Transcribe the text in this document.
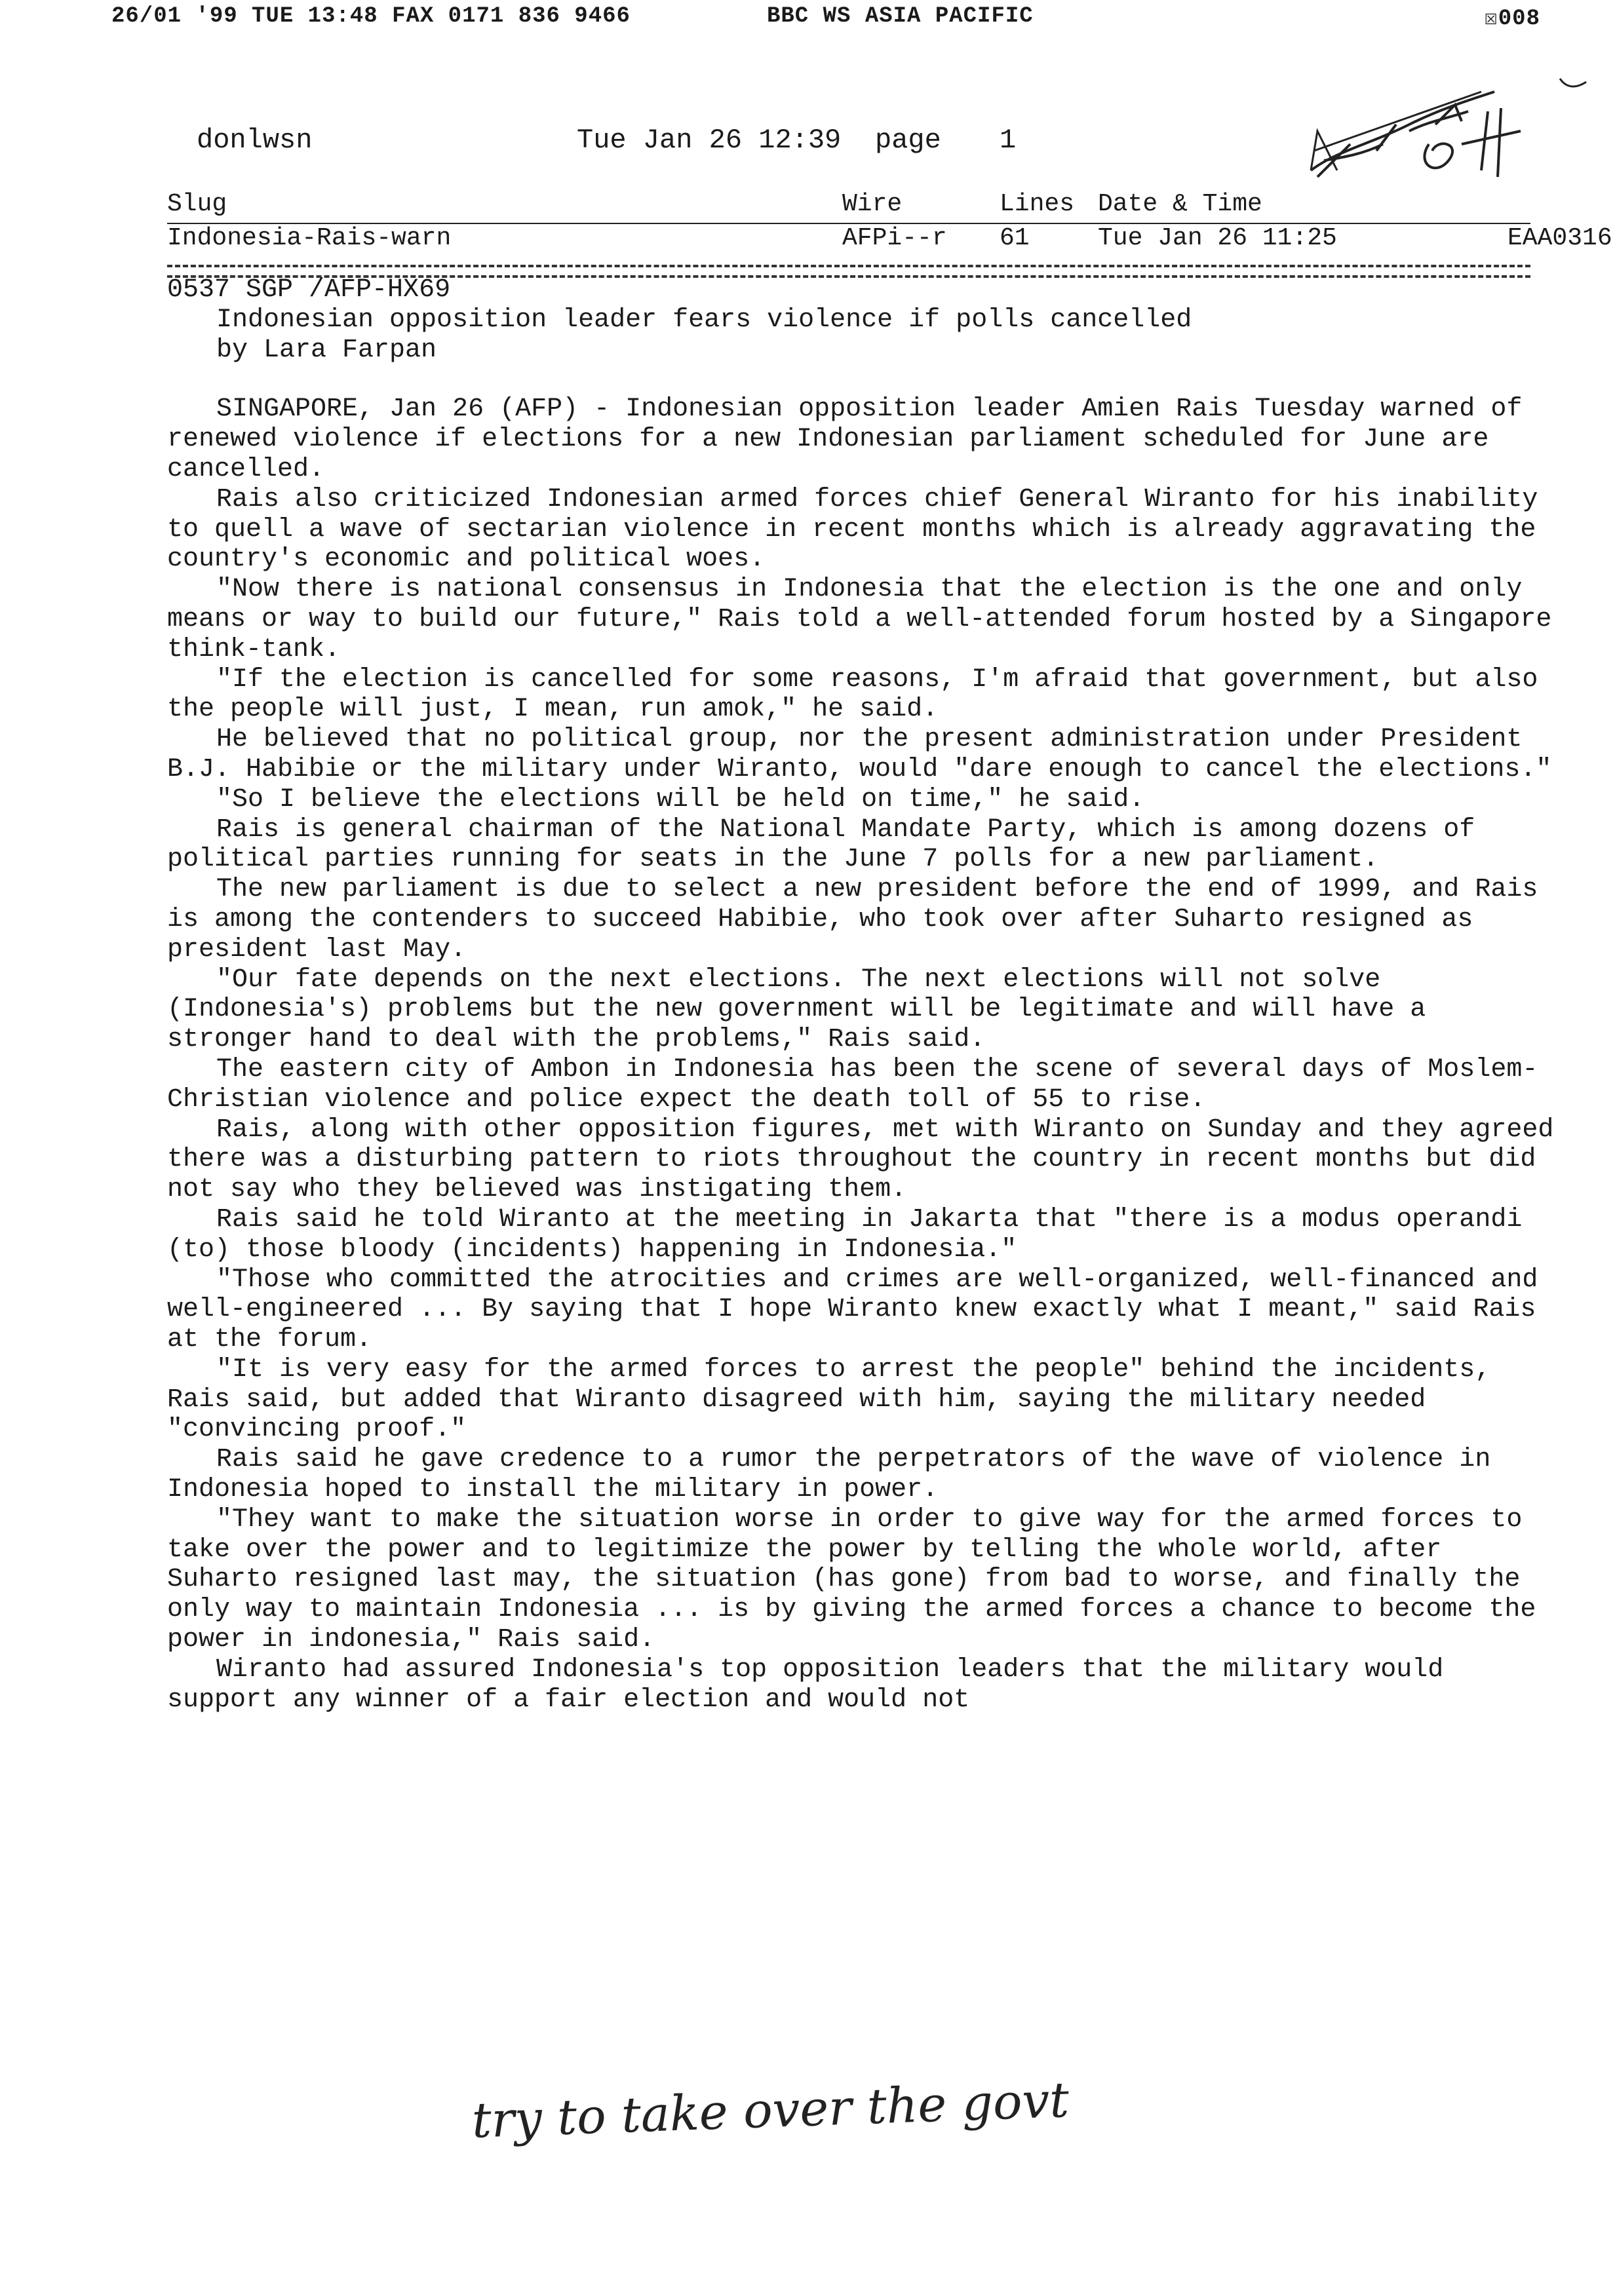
26/01 '99 TUE 13:48 FAX 0171 836 9466	BBC WS ASIA PACIFIC	☒008
donlwsn	Tue Jan 26 12:39 page 1
Slug	Wire	Lines Date & Time
Indonesia-Rais-warn	AFPi--r 61	Tue Jan 26 11:25	EAA0316
0537 SGP /AFP-HX69
Indonesian opposition leader fears violence if polls cancelled
by Lara Farpan

SINGAPORE, Jan 26 (AFP) - Indonesian opposition leader Amien Rais Tuesday warned of renewed violence if elections for a new Indonesian parliament scheduled for June are cancelled.

Rais also criticized Indonesian armed forces chief General Wiranto for his inability to quell a wave of sectarian violence in recent months which is already aggravating the country's economic and political woes.

"Now there is national consensus in Indonesia that the election is the one and only means or way to build our future," Rais told a well-attended forum hosted by a Singapore think-tank.

"If the election is cancelled for some reasons, I'm afraid that government, but also the people will just, I mean, run amok," he said.

He believed that no political group, nor the present administration under President B.J. Habibie or the military under Wiranto, would "dare enough to cancel the elections."

"So I believe the elections will be held on time," he said.

Rais is general chairman of the National Mandate Party, which is among dozens of political parties running for seats in the June 7 polls for a new parliament.

The new parliament is due to select a new president before the end of 1999, and Rais is among the contenders to succeed Habibie, who took over after Suharto resigned as president last May.

"Our fate depends on the next elections. The next elections will not solve (Indonesia's) problems but the new government will be legitimate and will have a stronger hand to deal with the problems," Rais said.

The eastern city of Ambon in Indonesia has been the scene of several days of Moslem-Christian violence and police expect the death toll of 55 to rise.

Rais, along with other opposition figures, met with Wiranto on Sunday and they agreed there was a disturbing pattern to riots throughout the country in recent months but did not say who they believed was instigating them.

Rais said he told Wiranto at the meeting in Jakarta that "there is a modus operandi (to) those bloody (incidents) happening in Indonesia."

"Those who committed the atrocities and crimes are well-organized, well-financed and well-engineered ... By saying that I hope Wiranto knew exactly what I meant," said Rais at the forum.

"It is very easy for the armed forces to arrest the people" behind the incidents, Rais said, but added that Wiranto disagreed with him, saying the military needed "convincing proof."

Rais said he gave credence to a rumor the perpetrators of the wave of violence in Indonesia hoped to install the military in power.

"They want to make the situation worse in order to give way for the armed forces to take over the power and to legitimize the power by telling the whole world, after Suharto resigned last may, the situation (has gone) from bad to worse, and finally the only way to maintain Indonesia ... is by giving the armed forces a chance to become the power in indonesia," Rais said.

Wiranto had assured Indonesia's top opposition leaders that the military would support any winner of a fair election and would not

try to take over the govt
